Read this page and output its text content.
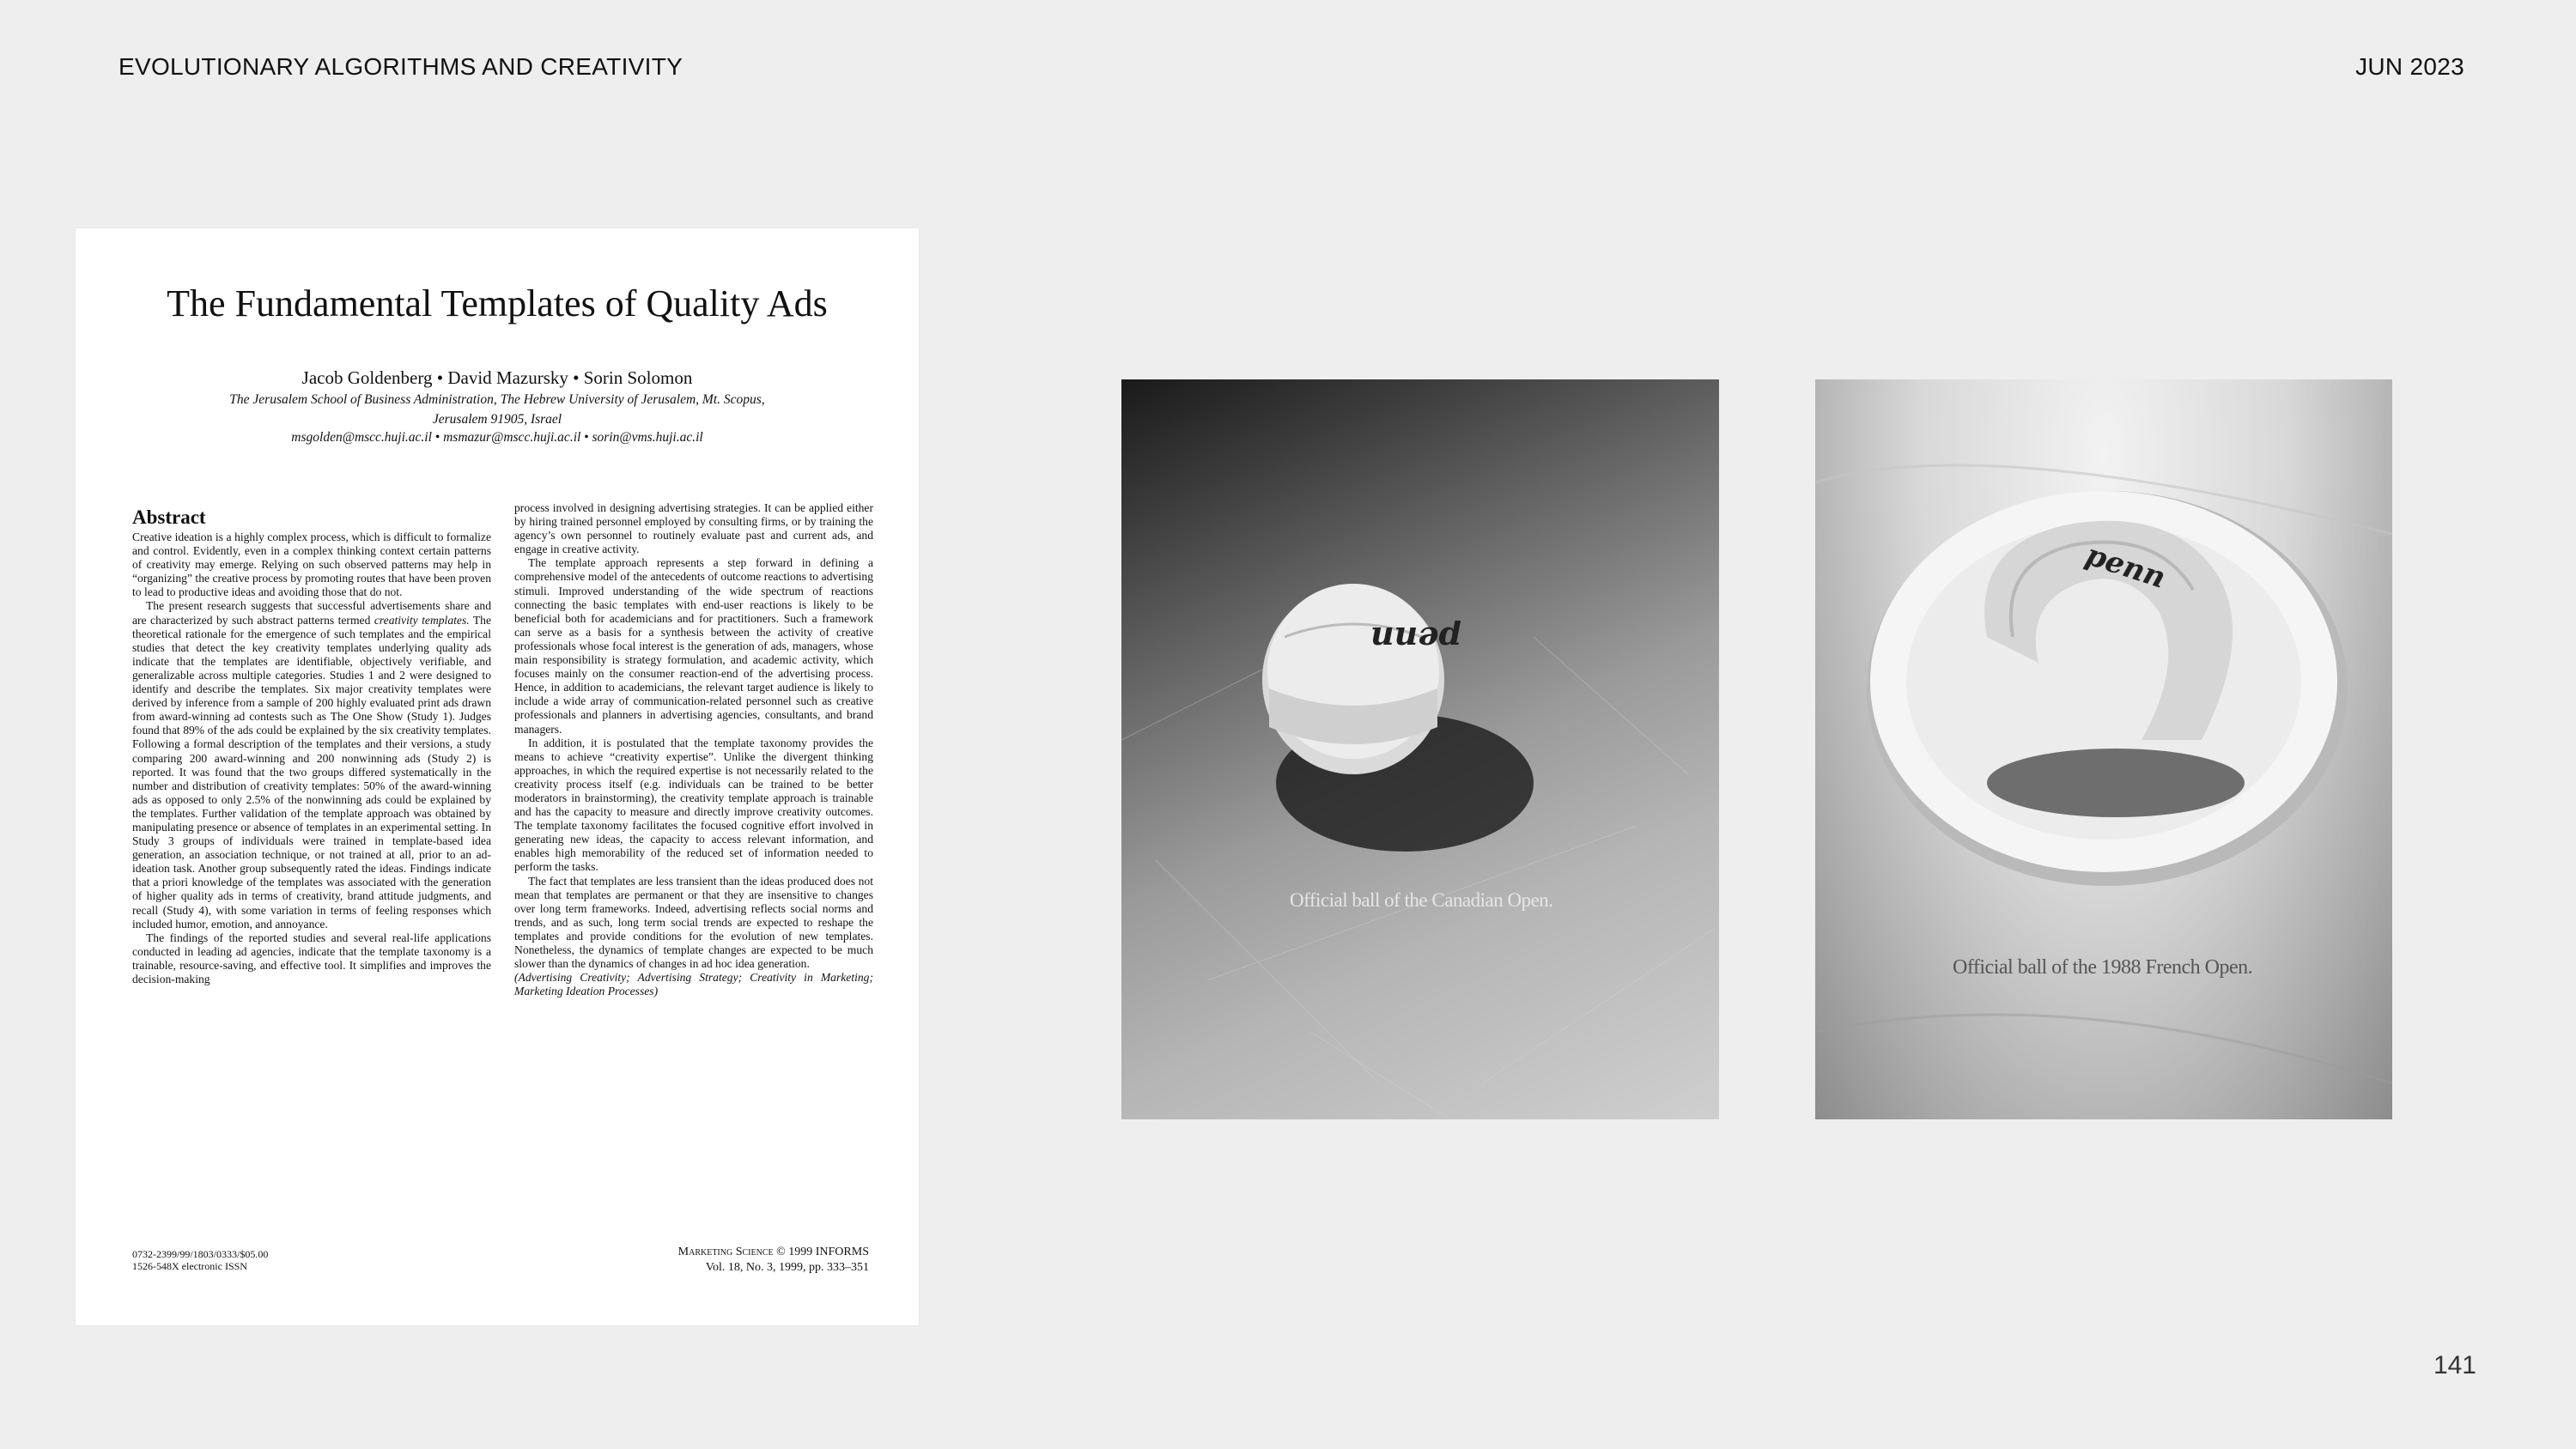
EVOLUTIONARY ALGORITHMS AND CREATIVITY	JUN 2023
The Fundamental Templates of Quality Ads
Jacob Goldenberg • David Mazursky • Sorin Solomon
The Jerusalem School of Business Administration, The Hebrew University of Jerusalem, Mt. Scopus,
Jerusalem 91905, Israel
msgolden@mscc.huji.ac.il • msmazur@mscc.huji.ac.il • sorin@vms.huji.ac.il
Abstract

Creative ideation is a highly complex process, which is difficult to formalize and control. Evidently, even in a complex thinking context certain patterns of creativity may emerge. Relying on such observed patterns may help in “organizing” the creative process by promoting routes that have been proven to lead to productive ideas and avoiding those that do not.

The present research suggests that successful advertisements share and are characterized by such abstract patterns termed creativity templates. The theoretical rationale for the emergence of such templates and the empirical studies that detect the key creativity templates underlying quality ads indicate that the templates are identifiable, objectively verifiable, and generalizable across multiple categories. Studies 1 and 2 were designed to identify and describe the templates. Six major creativity templates were derived by inference from a sample of 200 highly evaluated print ads drawn from award-winning ad contests such as The One Show (Study 1). Judges found that 89% of the ads could be explained by the six creativity templates. Following a formal description of the templates and their versions, a study comparing 200 award-winning and 200 nonwinning ads (Study 2) is reported. It was found that the two groups differed systematically in the number and distribution of creativity templates: 50% of the award-winning ads as opposed to only 2.5% of the nonwinning ads could be explained by the templates. Further validation of the template approach was obtained by manipulating presence or absence of templates in an experimental setting. In Study 3 groups of individuals were trained in template-based idea generation, an association technique, or not trained at all, prior to an ad-ideation task. Another group subsequently rated the ideas. Findings indicate that a priori knowledge of the templates was associated with the generation of higher quality ads in terms of creativity, brand attitude judgments, and recall (Study 4), with some variation in terms of feeling responses which included humor, emotion, and annoyance.

The findings of the reported studies and several real-life applications conducted in leading ad agencies, indicate that the template taxonomy is a trainable, resource-saving, and effective tool. It simplifies and improves the decision-making

process involved in designing advertising strategies. It can be applied either by hiring trained personnel employed by consulting firms, or by training the agency’s own personnel to routinely evaluate past and current ads, and engage in creative activity.

The template approach represents a step forward in defining a comprehensive model of the antecedents of outcome reactions to advertising stimuli. Improved understanding of the wide spectrum of reactions connecting the basic templates with end-user reactions is likely to be beneficial both for academicians and for practitioners. Such a framework can serve as a basis for a synthesis between the activity of creative professionals whose focal interest is the generation of ads, managers, whose main responsibility is strategy formulation, and academic activity, which focuses mainly on the consumer reaction-end of the advertising process. Hence, in addition to academicians, the relevant target audience is likely to include a wide array of communication-related personnel such as creative professionals and planners in advertising agencies, consultants, and brand managers.

In addition, it is postulated that the template taxonomy provides the means to achieve “creativity expertise”. Unlike the divergent thinking approaches, in which the required expertise is not necessarily related to the creativity process itself (e.g. individuals can be trained to be better moderators in brainstorming), the creativity template approach is trainable and has the capacity to measure and directly improve creativity outcomes. The template taxonomy facilitates the focused cognitive effort involved in generating new ideas, the capacity to access relevant information, and enables high memorability of the reduced set of information needed to perform the tasks.

The fact that templates are less transient than the ideas produced does not mean that templates are permanent or that they are insensitive to changes over long term frameworks. Indeed, advertising reflects social norms and trends, and as such, long term social trends are expected to reshape the templates and provide conditions for the evolution of new templates. Nonetheless, the dynamics of template changes are expected to be much slower than the dynamics of changes in ad hoc idea generation.

(Advertising Creativity; Advertising Strategy; Creativity in Marketing; Marketing Ideation Processes)

0732-2399/99/1803/0333/$05.00
1526-548X electronic ISSN
Marketing Science © 1999 INFORMS
Vol. 18, No. 3, 1999, pp. 333–351
penn
Official ball of the Canadian Open.
penn
Official ball of the 1988 French Open.
141
